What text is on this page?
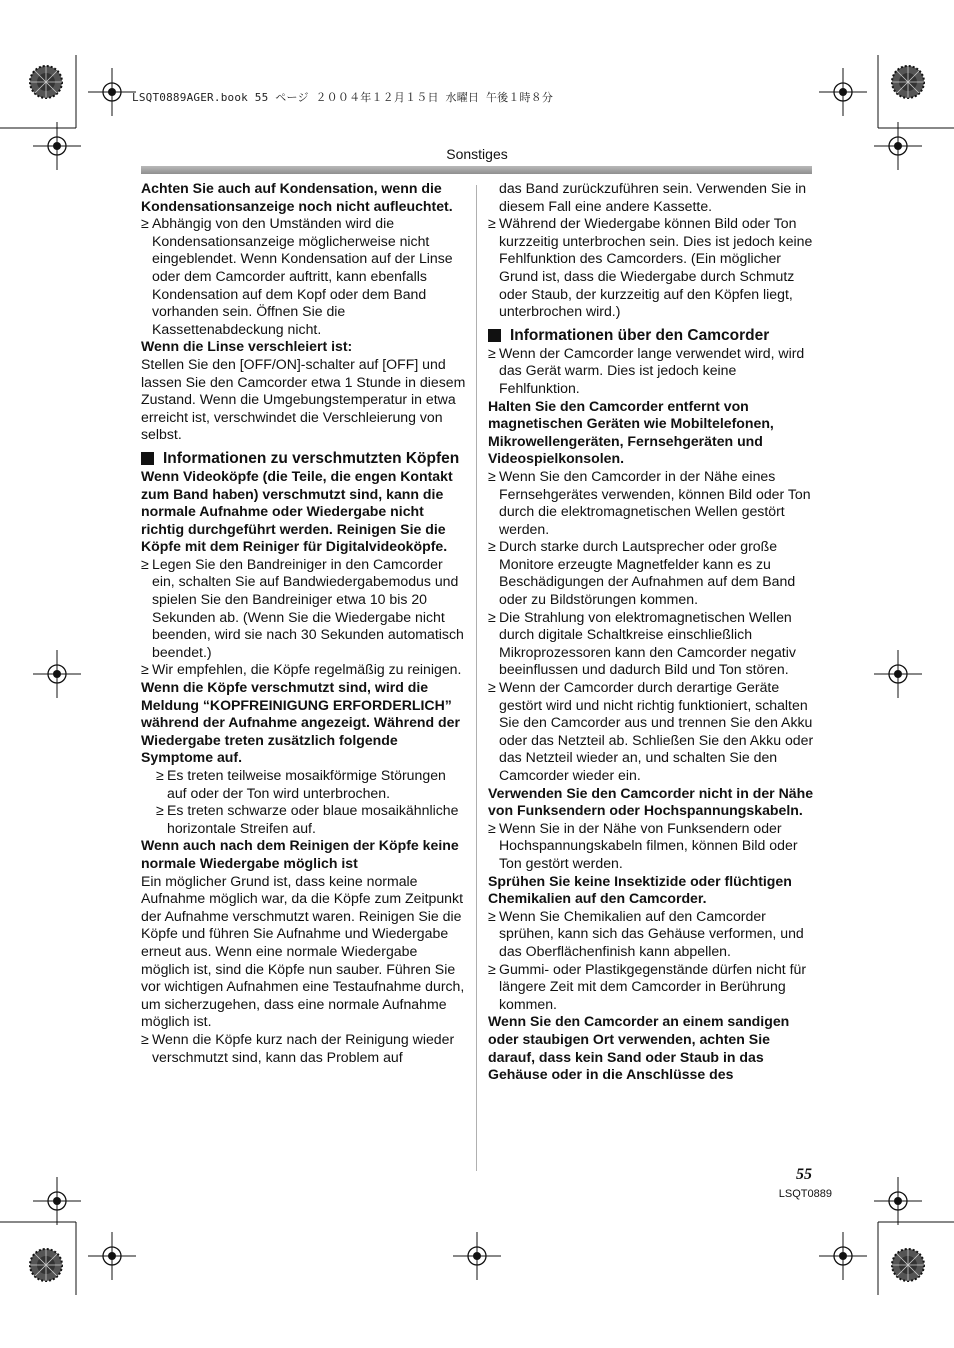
LSQT0889AGER.book 55 ページ ２００４年１２月１５日 水曜日 午後１時８分
Sonstiges

Achten Sie auch auf Kondensation, wenn die Kondensationsanzeige noch nicht aufleuchtet.

≥ Abhängig von den Umständen wird die Kondensationsanzeige möglicherweise nicht eingeblendet. Wenn Kondensation auf der Linse oder dem Camcorder auftritt, kann ebenfalls Kondensation auf dem Kopf oder dem Band vorhanden sein. Öffnen Sie die Kassettenabdeckung nicht.

Wenn die Linse verschleiert ist:

Stellen Sie den [OFF/ON]-schalter auf [OFF] und lassen Sie den Camcorder etwa 1 Stunde in diesem Zustand. Wenn die Umgebungstemperatur in etwa erreicht ist, verschwindet die Verschleierung von selbst.

Informationen zu verschmutzten Köpfen

Wenn Videoköpfe (die Teile, die engen Kontakt zum Band haben) verschmutzt sind, kann die normale Aufnahme oder Wiedergabe nicht richtig durchgeführt werden. Reinigen Sie die Köpfe mit dem Reiniger für Digitalvideoköpfe.

≥ Legen Sie den Bandreiniger in den Camcorder ein, schalten Sie auf Bandwiedergabemodus und spielen Sie den Bandreiniger etwa 10 bis 20 Sekunden ab. (Wenn Sie die Wiedergabe nicht beenden, wird sie nach 30 Sekunden automatisch beendet.)

≥ Wir empfehlen, die Köpfe regelmäßig zu reinigen.

Wenn die Köpfe verschmutzt sind, wird die Meldung “KOPFREINIGUNG ERFORDERLICH” während der Aufnahme angezeigt. Während der Wiedergabe treten zusätzlich folgende Symptome auf.

≥ Es treten teilweise mosaikförmige Störungen auf oder der Ton wird unterbrochen.

≥ Es treten schwarze oder blaue mosaikähnliche horizontale Streifen auf.

Wenn auch nach dem Reinigen der Köpfe keine normale Wiedergabe möglich ist

Ein möglicher Grund ist, dass keine normale Aufnahme möglich war, da die Köpfe zum Zeitpunkt der Aufnahme verschmutzt waren. Reinigen Sie die Köpfe und führen Sie Aufnahme und Wiedergabe erneut aus. Wenn eine normale Wiedergabe möglich ist, sind die Köpfe nun sauber. Führen Sie vor wichtigen Aufnahmen eine Testaufnahme durch, um sicherzugehen, dass eine normale Aufnahme möglich ist.

≥ Wenn die Köpfe kurz nach der Reinigung wieder verschmutzt sind, kann das Problem auf

das Band zurückzuführen sein. Verwenden Sie in diesem Fall eine andere Kassette.

≥ Während der Wiedergabe können Bild oder Ton kurzzeitig unterbrochen sein. Dies ist jedoch keine Fehlfunktion des Camcorders. (Ein möglicher Grund ist, dass die Wiedergabe durch Schmutz oder Staub, der kurzzeitig auf den Köpfen liegt, unterbrochen wird.)

Informationen über den Camcorder

≥ Wenn der Camcorder lange verwendet wird, wird das Gerät warm. Dies ist jedoch keine Fehlfunktion.

Halten Sie den Camcorder entfernt von magnetischen Geräten wie Mobiltelefonen, Mikrowellengeräten, Fernsehgeräten und Videospielkonsolen.

≥ Wenn Sie den Camcorder in der Nähe eines Fernsehgerätes verwenden, können Bild oder Ton durch die elektromagnetischen Wellen gestört werden.

≥ Durch starke durch Lautsprecher oder große Monitore erzeugte Magnetfelder kann es zu Beschädigungen der Aufnahmen auf dem Band oder zu Bildstörungen kommen.

≥ Die Strahlung von elektromagnetischen Wellen durch digitale Schaltkreise einschließlich Mikroprozessoren kann den Camcorder negativ beeinflussen und dadurch Bild und Ton stören.

≥ Wenn der Camcorder durch derartige Geräte gestört wird und nicht richtig funktioniert, schalten Sie den Camcorder aus und trennen Sie den Akku oder das Netzteil ab. Schließen Sie den Akku oder das Netzteil wieder an, und schalten Sie den Camcorder wieder ein.

Verwenden Sie den Camcorder nicht in der Nähe von Funksendern oder Hochspannungskabeln.

≥ Wenn Sie in der Nähe von Funksendern oder Hochspannungskabeln filmen, können Bild oder Ton gestört werden.

Sprühen Sie keine Insektizide oder flüchtigen Chemikalien auf den Camcorder.

≥ Wenn Sie Chemikalien auf den Camcorder sprühen, kann sich das Gehäuse verformen, und das Oberflächenfinish kann abpellen.

≥ Gummi- oder Plastikgegenstände dürfen nicht für längere Zeit mit dem Camcorder in Berührung kommen.

Wenn Sie den Camcorder an einem sandigen oder staubigen Ort verwenden, achten Sie darauf, dass kein Sand oder Staub in das Gehäuse oder in die Anschlüsse des

55
LSQT0889
